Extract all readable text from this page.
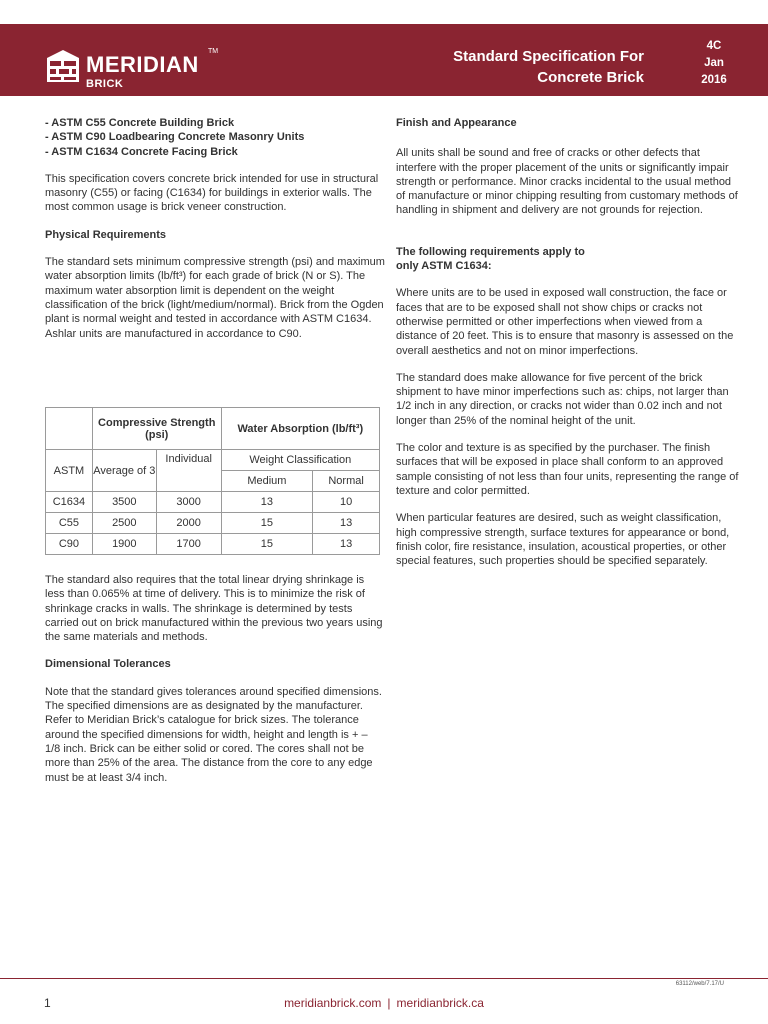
MERIDIAN
TM
BRICK
Standard Specification For
Concrete Brick
4C
Jan
2016

- ASTM C55 Concrete Building Brick

- ASTM C90 Loadbearing Concrete Masonry Units

- ASTM C1634 Concrete Facing Brick

This specification covers concrete brick intended for use in structural masonry (C55) or facing (C1634) for buildings in exterior walls. The most common usage is brick veneer construction.

Physical Requirements

The standard sets minimum compressive strength (psi) and maximum water absorption limits (lb/ft³) for each grade of brick (N or S). The maximum water absorption limit is dependent on the weight classification of the brick (light/medium/normal). Brick from the Ogden plant is normal weight and tested in accordance with ASTM C1634. Ashlar units are manufactured in accordance to C90.

	Compressive Strength (psi)		Water Absorption (lb/ft³)	
ASTM	Average of 3	Individual	Weight Classification	
			Medium	Normal
C1634	3500	3000	13	10
C55	2500	2000	15	13
C90	1900	1700	15	13

The standard also requires that the total linear drying shrinkage is less than 0.065% at time of delivery. This is to minimize the risk of shrinkage cracks in walls. The shrinkage is determined by tests carried out on brick manufactured within the previous two years using the same materials and methods.

Dimensional Tolerances

Note that the standard gives tolerances around specified dimensions. The specified dimensions are as designated by the manufacturer. Refer to Meridian Brick’s catalogue for brick sizes. The tolerance around the specified dimensions for width, height and length is + – 1/8 inch. Brick can be either solid or cored. The cores shall not be more than 25% of the area. The distance from the core to any edge must be at least 3/4 inch.

Finish and Appearance

All units shall be sound and free of cracks or other defects that interfere with the proper placement of the units or significantly impair strength or performance. Minor cracks incidental to the usual method of manufacture or minor chipping resulting from customary methods of handling in shipment and delivery are not grounds for rejection.

The following requirements apply to

only ASTM C1634:

Where units are to be used in exposed wall construction, the face or faces that are to be exposed shall not show chips or cracks not otherwise permitted or other imperfections when viewed from a distance of 20 feet. This is to ensure that masonry is assessed on the overall aesthetics and not on minor imperfections.

The standard does make allowance for five percent of the brick shipment to have minor imperfections such as: chips, not larger than 1/2 inch in any direction, or cracks not wider than 0.02 inch and not longer than 25% of the nominal height of the unit.

The color and texture is as specified by the purchaser. The finish surfaces that will be exposed in place shall conform to an approved sample consisting of not less than four units, representing the range of texture and color permitted.

When particular features are desired, such as weight classification, high compressive strength, surface textures for appearance or bond, finish color, fire resistance, insulation, acoustical properties, or other special features, such properties should be specified separately.

63112/web/7.17/U
1	meridianbrick.com | meridianbrick.ca
